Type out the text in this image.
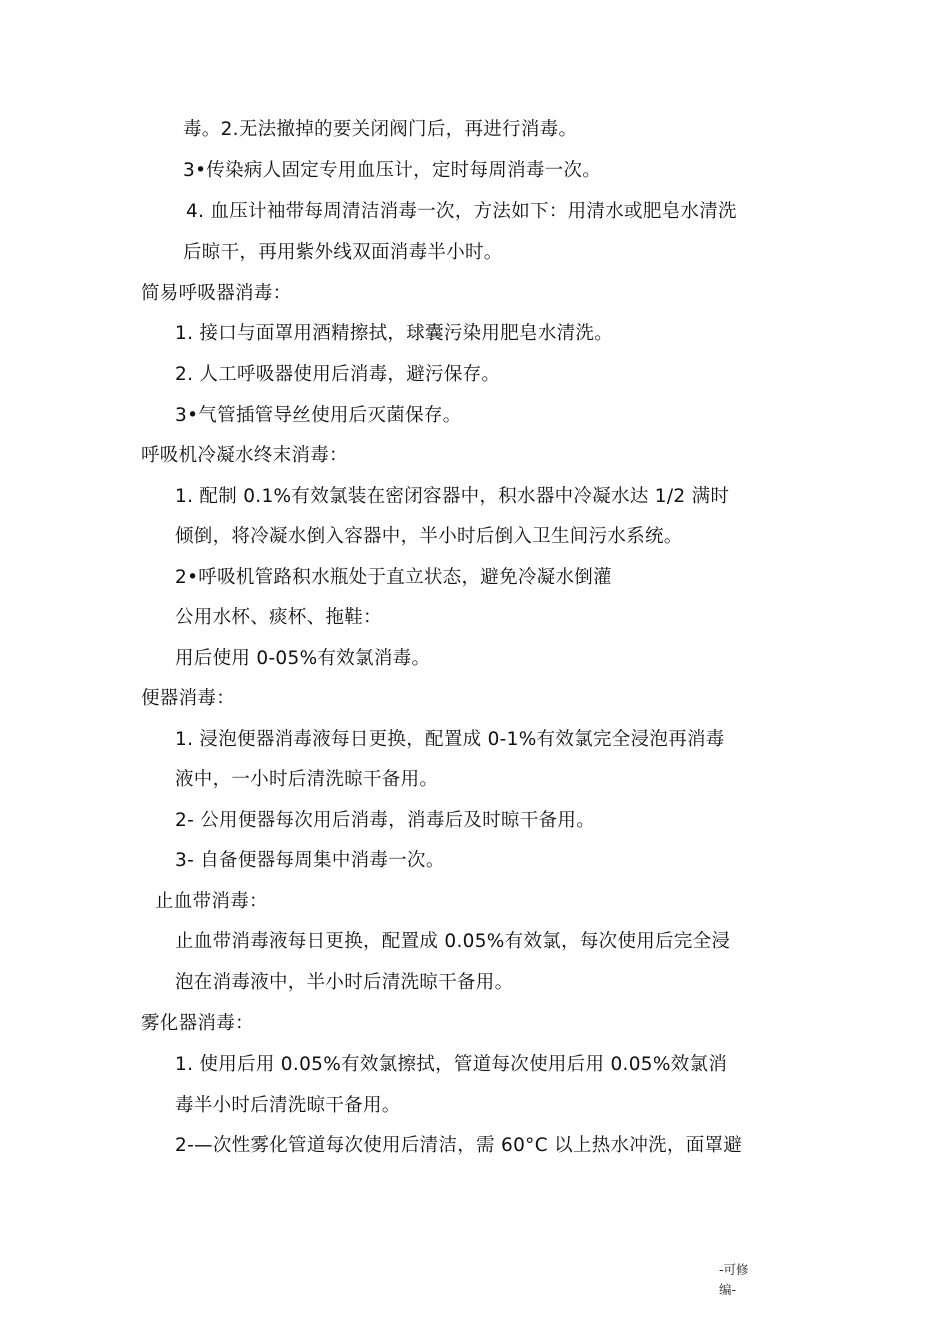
毒。2.无法撤掉的要关闭阀门后，再进行消毒。
3•传染病人固定专用血压计，定时每周消毒一次。
4. 血压计袖带每周清洁消毒一次，方法如下：用清水或肥皂水清洗
后晾干，再用紫外线双面消毒半小时。
简易呼吸器消毒：
1. 接口与面罩用酒精擦拭，球囊污染用肥皂水清洗。
2. 人工呼吸器使用后消毒，避污保存。
3•气管插管导丝使用后灭菌保存。
呼吸机冷凝水终末消毒：
1. 配制 0.1%有效氯装在密闭容器中，积水器中冷凝水达 1/2 满时
倾倒，将冷凝水倒入容器中，半小时后倒入卫生间污水系统。
2•呼吸机管路积水瓶处于直立状态，避免冷凝水倒灌
公用水杯、痰杯、拖鞋：
用后使用 0-05%有效氯消毒。
便器消毒：
1. 浸泡便器消毒液每日更换，配置成 0-1%有效氯完全浸泡再消毒
液中，一小时后清洗晾干备用。
2- 公用便器每次用后消毒，消毒后及时晾干备用。
3- 自备便器每周集中消毒一次。
止血带消毒：
止血带消毒液每日更换，配置成 0.05%有效氯，每次使用后完全浸
泡在消毒液中，半小时后清洗晾干备用。
雾化器消毒：
1. 使用后用 0.05%有效氯擦拭，管道每次使用后用 0.05%效氯消
毒半小时后清洗晾干备用。
2-—次性雾化管道每次使用后清洁，需 60°C 以上热水冲洗，面罩避
-可修
编-
